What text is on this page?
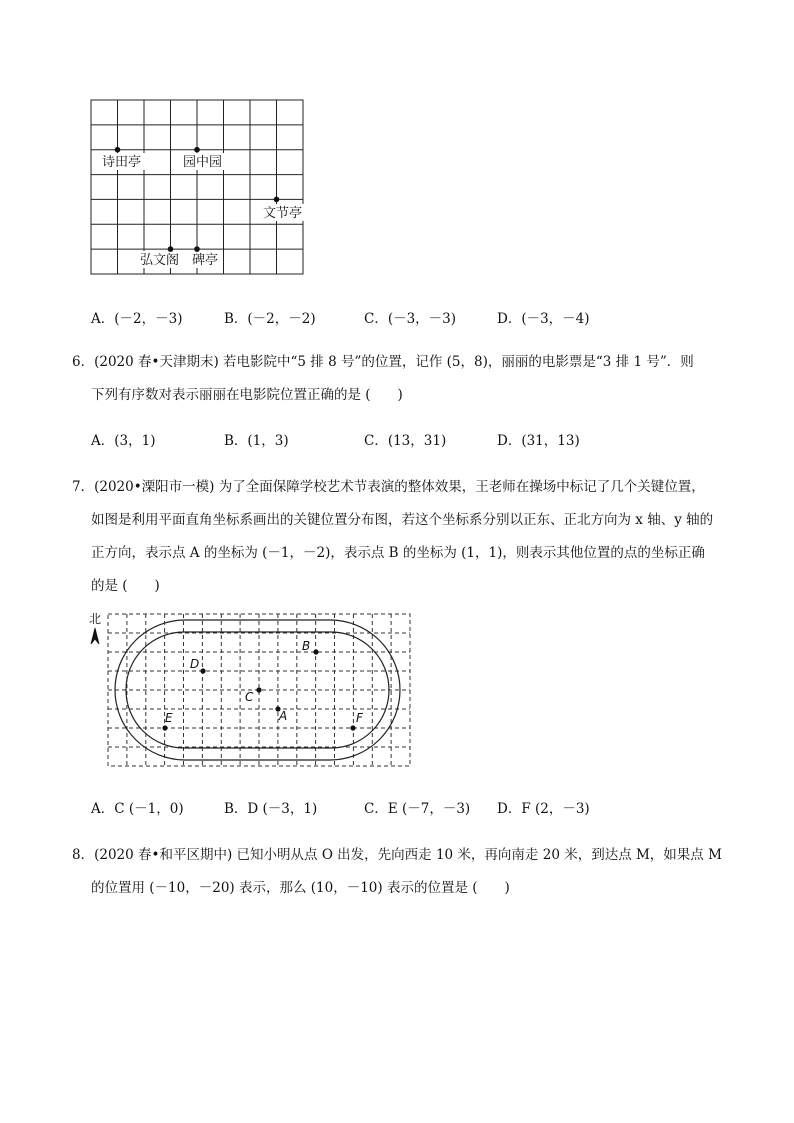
诗田亭	园中园
文节亭
弘文阁 碑亭
A．(－2，－3)	B．(－2，－2)	C．(－3，－3)	D．(－3，－4)
6．(2020 春•天津期末) 若电影院中“5 排 8 号”的位置，记作 (5，8)，丽丽的电影票是“3 排 1 号”．则
下列有序数对表示丽丽在电影院位置正确的是 (　　)
A．(3，1)	B．(1，3)	C．(13，31)	D．(31，13)
7．(2020•溧阳市一模) 为了全面保障学校艺术节表演的整体效果，王老师在操场中标记了几个关键位置，
如图是利用平面直角坐标系画出的关键位置分布图，若这个坐标系分别以正东、正北方向为 x 轴、y 轴的
正方向，表示点 A 的坐标为 (－1，－2)，表示点 B 的坐标为 (1，1)，则表示其他位置的点的坐标正确
的是 (　　)
北
B
D
C
A
E	F
A．C (－1，0)	B．D (－3，1)	C．E (－7，－3) D．F (2，－3)
8．(2020 春•和平区期中) 已知小明从点 O 出发，先向西走 10 米，再向南走 20 米，到达点 M，如果点 M
的位置用 (－10，－20) 表示，那么 (10，－10) 表示的位置是 (　　)
